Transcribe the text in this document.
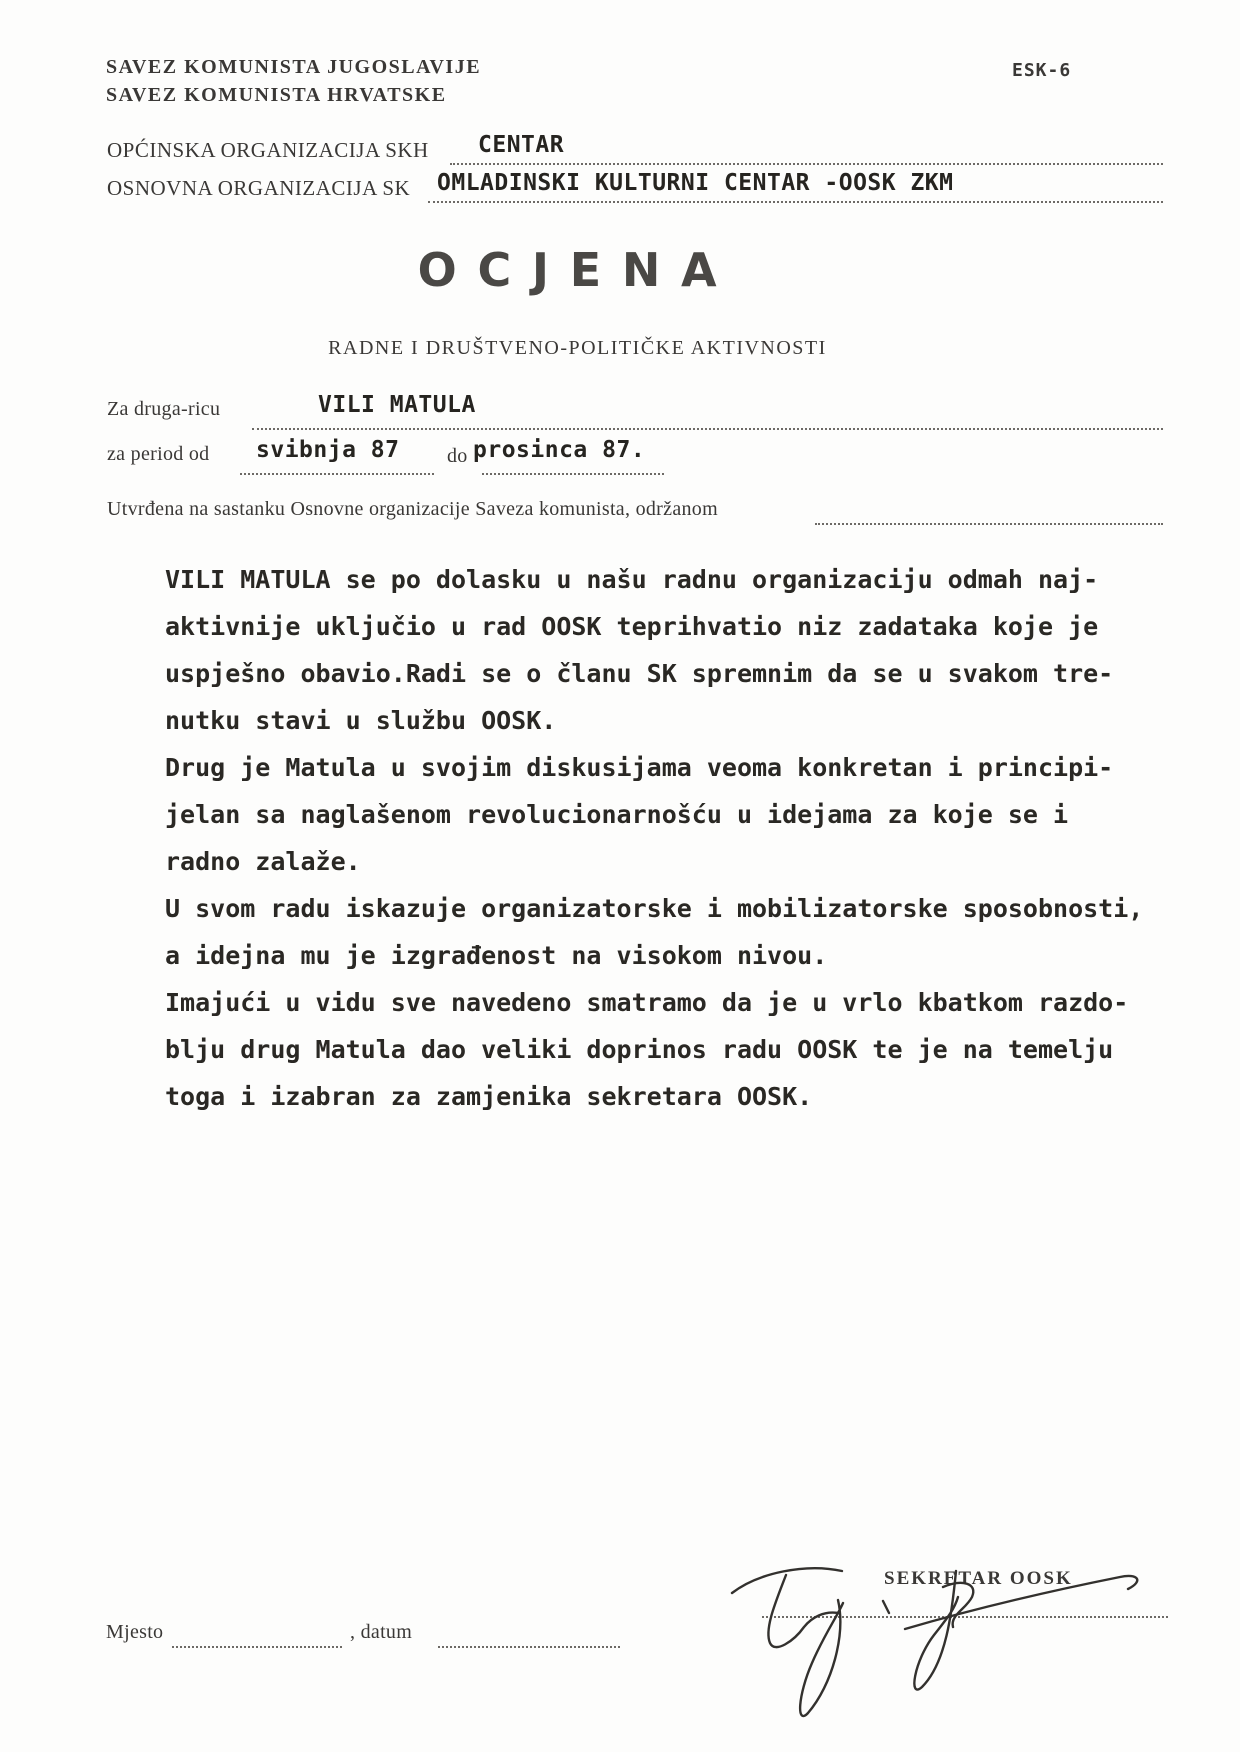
SAVEZ KOMUNISTA JUGOSLAVIJE
SAVEZ KOMUNISTA HRVATSKE
ESK-6
OPĆINSKA ORGANIZACIJA SKH CENTAR
OSNOVNA ORGANIZACIJA SK OMLADINSKI KULTURNI CENTAR -OOSK ZKM
OCJENA
RADNE I DRUŠTVENO-POLITIČKE AKTIVNOSTI
Za druga-ricu	VILI MATULA
za period od svibnja 87 do prosinca 87.
Utvrđena na sastanku Osnovne organizacije Saveza komunista, održanom
VILI MATULA se po dolasku u našu radnu organizaciju odmah naj-
aktivnije uključio u rad OOSK teprihvatio niz zadataka koje je
uspješno obavio.Radi se o članu SK spremnim da se u svakom tre-
nutku stavi u službu OOSK.
Drug je Matula u svojim diskusijama veoma konkretan i principi-
jelan sa naglašenom revolucionarnošću u idejama za koje se i
radno zalaže.
U svom radu iskazuje organizatorske i mobilizatorske sposobnosti,
a idejna mu je izgrađenost na visokom nivou.
Imajući u vidu sve navedeno smatramo da je u vrlo kbatkom razdo-
blju drug Matula dao veliki doprinos radu OOSK te je na temelju
toga i izabran za zamjenika sekretara OOSK.
Mjesto	, datum
SEKRETAR OOSK
